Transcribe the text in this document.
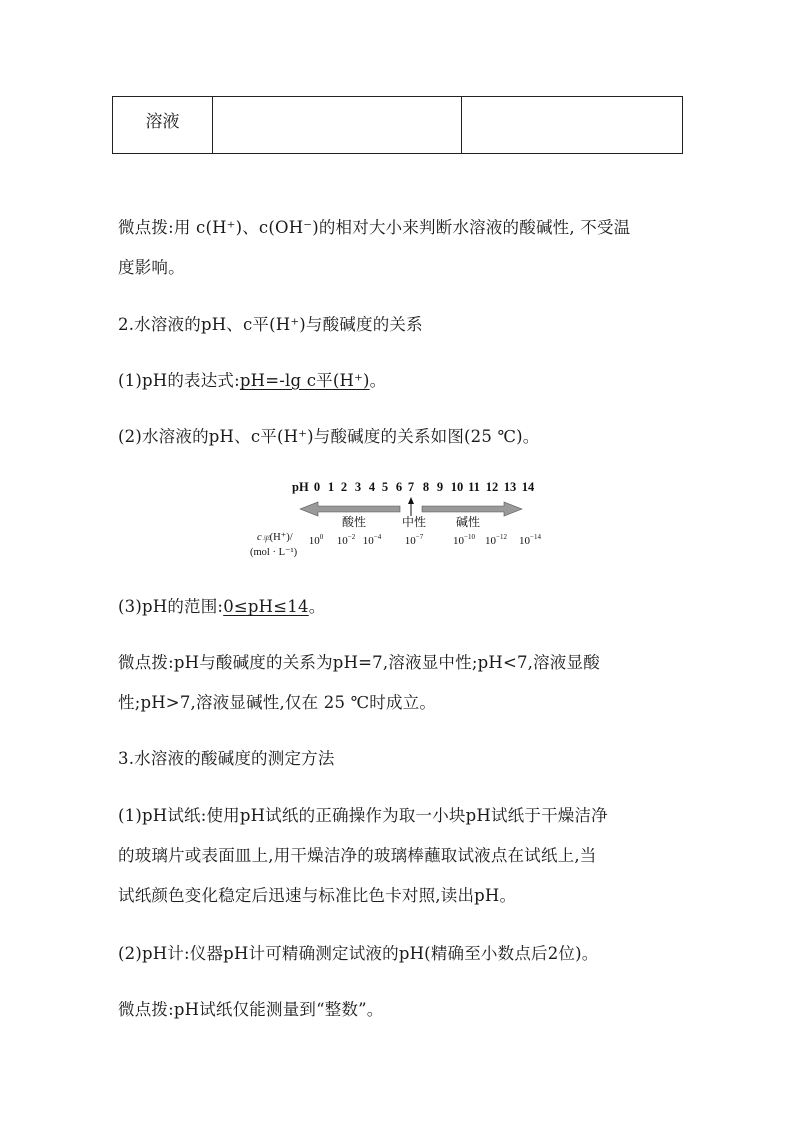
溶液		

微点拨:用 c(H⁺)、c(OH⁻)的相对大小来判断水溶液的酸碱性, 不受温
度影响。

2.水溶液的pH、c平(H⁺)与酸碱度的关系

(1)pH的表达式:pH=-lg c平(H⁺)。

(2)水溶液的pH、c平(H⁺)与酸碱度的关系如图(25 ℃)。

pH 0 1 2 3 4 5 6 7 8 9 10 11 12 13 14
酸性	中性 碱性
c平(H⁺)/
(mol · L⁻¹)
$10^0$ $10^{-2}$ $10^{-4}$ $10^{-7}$	$10^{-10}$ $10^{-12}$ $10^{-14}$

(3)pH的范围:0≤pH≤14。

微点拨:pH与酸碱度的关系为pH=7,溶液显中性;pH<7,溶液显酸
性;pH>7,溶液显碱性,仅在 25 ℃时成立。

3.水溶液的酸碱度的测定方法

(1)pH试纸:使用pH试纸的正确操作为取一小块pH试纸于干燥洁净
的玻璃片或表面皿上,用干燥洁净的玻璃棒蘸取试液点在试纸上,当
试纸颜色变化稳定后迅速与标准比色卡对照,读出pH。

(2)pH计:仪器pH计可精确测定试液的pH(精确至小数点后2位)。

微点拨:pH试纸仅能测量到“整数”。
